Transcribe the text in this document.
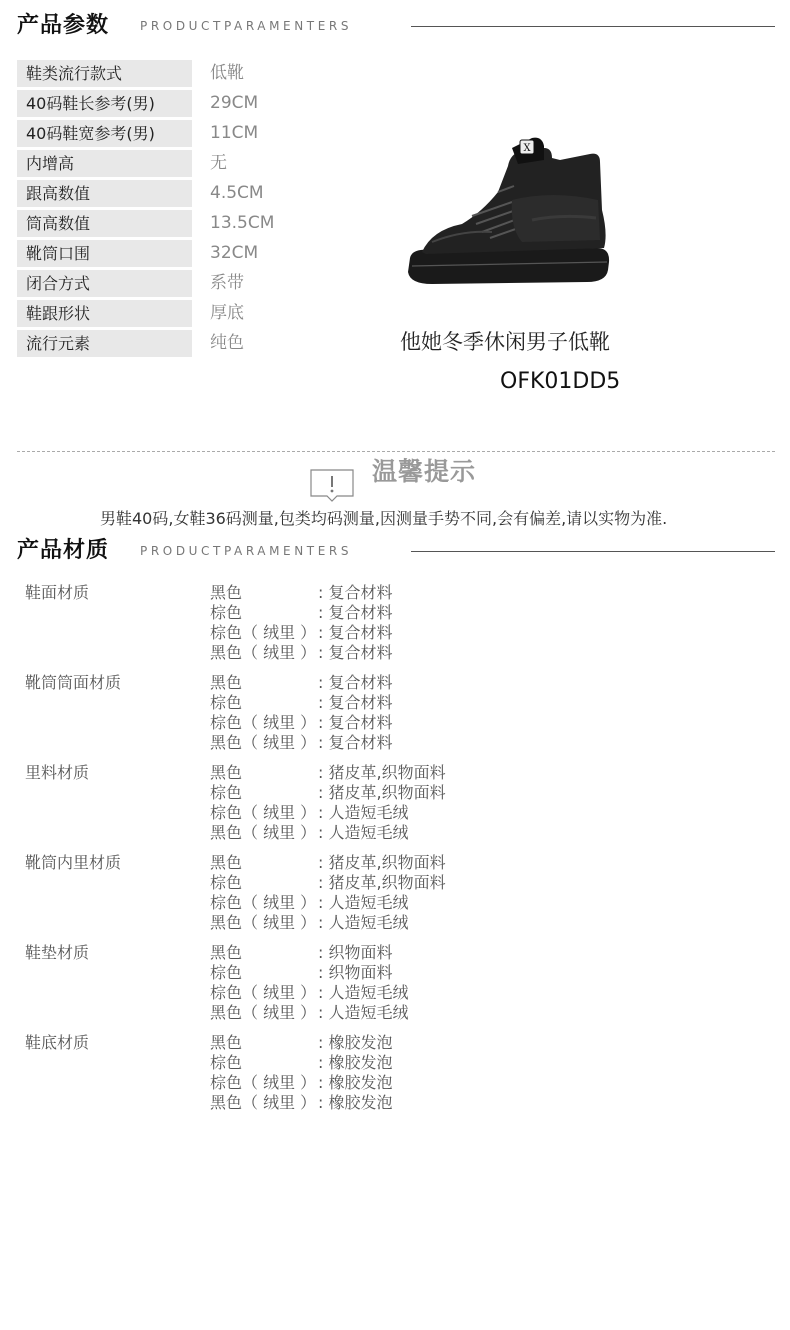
产品参数	PRODUCTPARAMENTERS
鞋类流行款式	低靴
40码鞋长参考(男)	29CM
40码鞋宽参考(男)	11CM
内增高	无
跟高数值	4.5CM
筒高数值	13.5CM
靴筒口围	32CM
闭合方式	系带
鞋跟形状	厚底
流行元素	纯色
X
他她冬季休闲男子低靴
OFK01DD5
温馨提示
男鞋40码,女鞋36码测量,包类均码测量,因测量手势不同,会有偏差,请以实物为准.
产品材质	PRODUCTPARAMENTERS
鞋面材质	黑色	: 复合材料
棕色	: 复合材料
棕色（ 绒里 ） : 复合材料
黑色（ 绒里 ） : 复合材料
靴筒筒面材质	黑色	: 复合材料
棕色	: 复合材料
棕色（ 绒里 ） : 复合材料
黑色（ 绒里 ） : 复合材料
里料材质	黑色	: 猪皮革,织物面料
棕色	: 猪皮革,织物面料
棕色（ 绒里 ） : 人造短毛绒
黑色（ 绒里 ） : 人造短毛绒
靴筒内里材质	黑色	: 猪皮革,织物面料
棕色	: 猪皮革,织物面料
棕色（ 绒里 ） : 人造短毛绒
黑色（ 绒里 ） : 人造短毛绒
鞋垫材质	黑色	: 织物面料
棕色	: 织物面料
棕色（ 绒里 ） : 人造短毛绒
黑色（ 绒里 ） : 人造短毛绒
鞋底材质	黑色	: 橡胶发泡
棕色	: 橡胶发泡
棕色（ 绒里 ） : 橡胶发泡
黑色（ 绒里 ） : 橡胶发泡
